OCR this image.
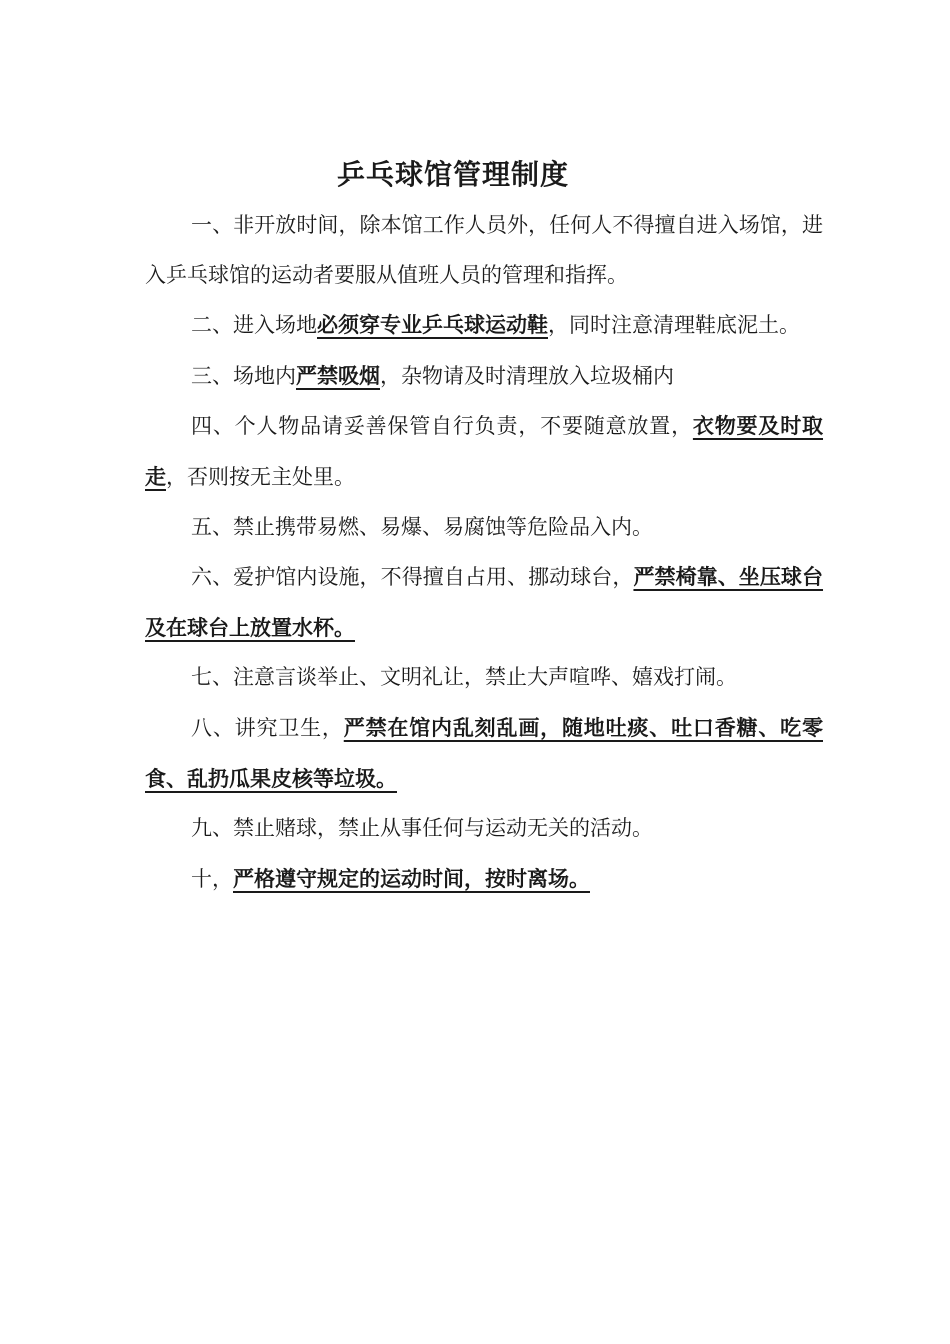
乒乓球馆管理制度

一、非开放时间，除本馆工作人员外，任何人不得擅自进入场馆，进入乒乓球馆的运动者要服从值班人员的管理和指挥。

二、进入场地必须穿专业乒乓球运动鞋，同时注意清理鞋底泥土。

三、场地内严禁吸烟，杂物请及时清理放入垃圾桶内

四、个人物品请妥善保管自行负责，不要随意放置，衣物要及时取走，否则按无主处里。

五、禁止携带易燃、易爆、易腐蚀等危险品入内。

六、爱护馆内设施，不得擅自占用、挪动球台，严禁椅靠、坐压球台及在球台上放置水杯。

七、注意言谈举止、文明礼让，禁止大声喧哗、嬉戏打闹。

八、讲究卫生，严禁在馆内乱刻乱画，随地吐痰、吐口香糖、吃零食、乱扔瓜果皮核等垃圾。

九、禁止赌球，禁止从事任何与运动无关的活动。

十，严格遵守规定的运动时间，按时离场。
